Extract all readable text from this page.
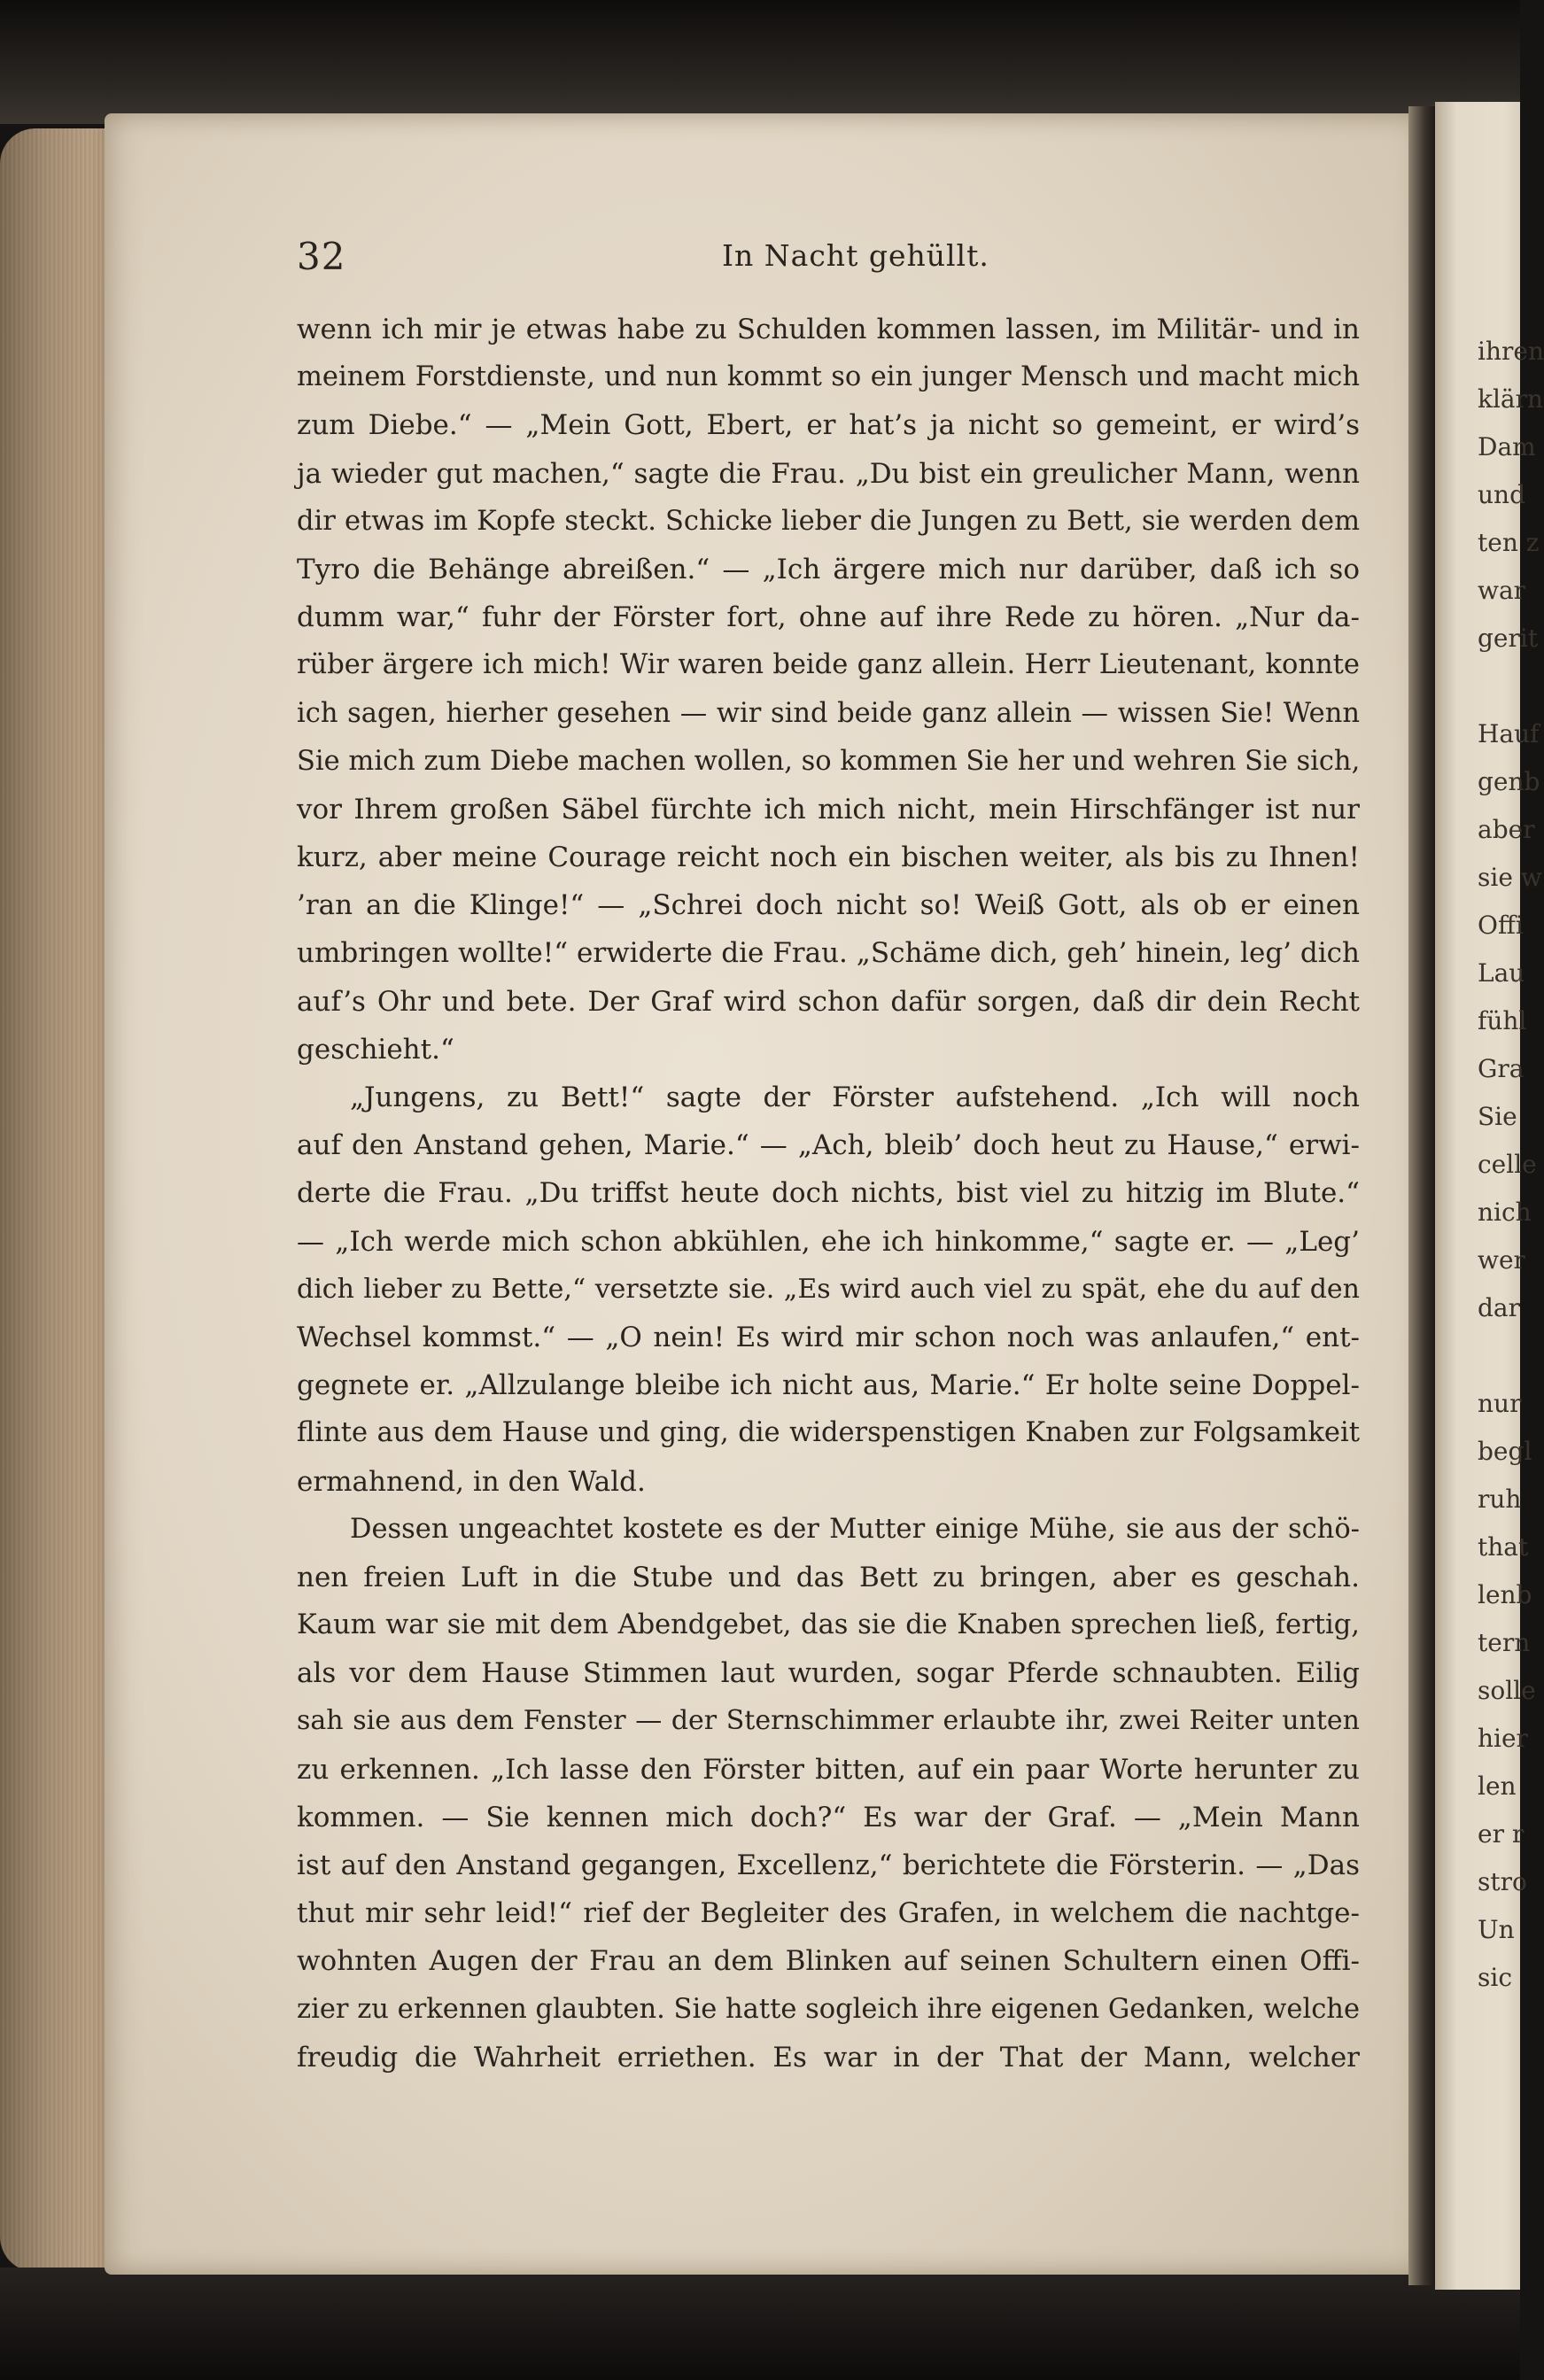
ihren
klärn
Dam
und
ten z
war
gerit
Hauf
genb
aber
sie w
Offi
Lau
fühl
Gra
Sie
celle
nich
wer
dar
nur
begl
ruh
that
lenb
tern
solle
hier
len
er r
stro
Un
sic
32	In Nacht gehüllt.
wenn ich mir je etwas habe zu Schulden kommen lassen, im Militär- und in
meinem Forstdienste, und nun kommt so ein junger Mensch und macht mich
zum Diebe.“ — „Mein Gott, Ebert, er hat’s ja nicht so gemeint, er wird’s
ja wieder gut machen,“ sagte die Frau. „Du bist ein greulicher Mann, wenn
dir etwas im Kopfe steckt. Schicke lieber die Jungen zu Bett, sie werden dem
Tyro die Behänge abreißen.“ — „Ich ärgere mich nur darüber, daß ich so
dumm war,“ fuhr der Förster fort, ohne auf ihre Rede zu hören. „Nur da-
rüber ärgere ich mich! Wir waren beide ganz allein. Herr Lieutenant, konnte
ich sagen, hierher gesehen — wir sind beide ganz allein — wissen Sie! Wenn
Sie mich zum Diebe machen wollen, so kommen Sie her und wehren Sie sich,
vor Ihrem großen Säbel fürchte ich mich nicht, mein Hirschfänger ist nur
kurz, aber meine Courage reicht noch ein bischen weiter, als bis zu Ihnen!
’ran an die Klinge!“ — „Schrei doch nicht so! Weiß Gott, als ob er einen
umbringen wollte!“ erwiderte die Frau. „Schäme dich, geh’ hinein, leg’ dich
auf’s Ohr und bete. Der Graf wird schon dafür sorgen, daß dir dein Recht
geschieht.“
„Jungens, zu Bett!“ sagte der Förster aufstehend. „Ich will noch
auf den Anstand gehen, Marie.“ — „Ach, bleib’ doch heut zu Hause,“ erwi-
derte die Frau. „Du triffst heute doch nichts, bist viel zu hitzig im Blute.“
— „Ich werde mich schon abkühlen, ehe ich hinkomme,“ sagte er. — „Leg’
dich lieber zu Bette,“ versetzte sie. „Es wird auch viel zu spät, ehe du auf den
Wechsel kommst.“ — „O nein! Es wird mir schon noch was anlaufen,“ ent-
gegnete er. „Allzulange bleibe ich nicht aus, Marie.“ Er holte seine Doppel-
flinte aus dem Hause und ging, die widerspenstigen Knaben zur Folgsamkeit
ermahnend, in den Wald.
Dessen ungeachtet kostete es der Mutter einige Mühe, sie aus der schö-
nen freien Luft in die Stube und das Bett zu bringen, aber es geschah.
Kaum war sie mit dem Abendgebet, das sie die Knaben sprechen ließ, fertig,
als vor dem Hause Stimmen laut wurden, sogar Pferde schnaubten. Eilig
sah sie aus dem Fenster — der Sternschimmer erlaubte ihr, zwei Reiter unten
zu erkennen. „Ich lasse den Förster bitten, auf ein paar Worte herunter zu
kommen. — Sie kennen mich doch?“ Es war der Graf. — „Mein Mann
ist auf den Anstand gegangen, Excellenz,“ berichtete die Försterin. — „Das
thut mir sehr leid!“ rief der Begleiter des Grafen, in welchem die nachtge-
wohnten Augen der Frau an dem Blinken auf seinen Schultern einen Offi-
zier zu erkennen glaubten. Sie hatte sogleich ihre eigenen Gedanken, welche
freudig die Wahrheit erriethen. Es war in der That der Mann, welcher
